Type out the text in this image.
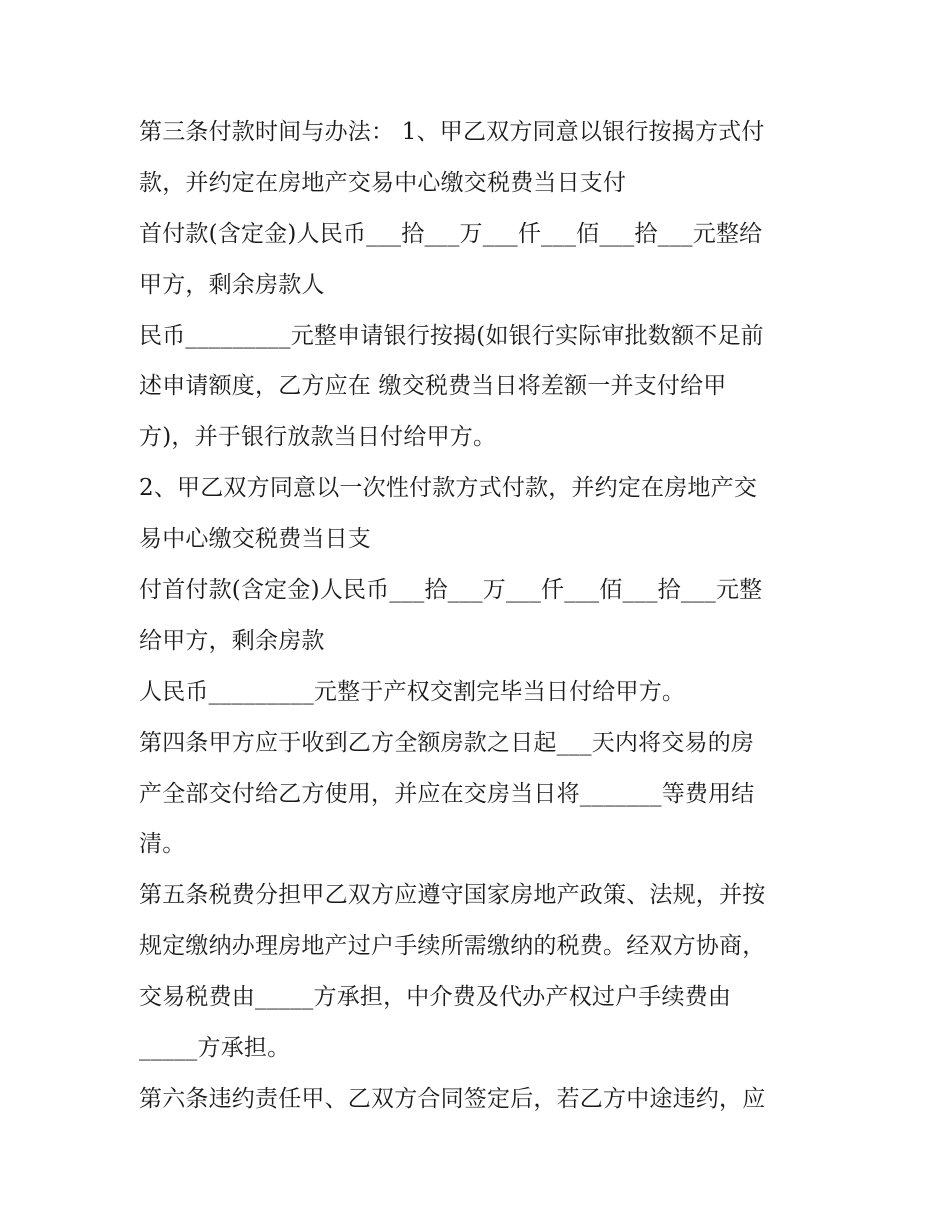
第三条付款时间与办法： 1、甲乙双方同意以银行按揭方式付
款，并约定在房地产交易中心缴交税费当日支付
首付款(含定金)人民币___拾___万___仟___佰___拾___元整给
甲方，剩余房款人
民币_________元整申请银行按揭(如银行实际审批数额不足前
述申请额度，乙方应在 缴交税费当日将差额一并支付给甲
方)，并于银行放款当日付给甲方。
2、甲乙双方同意以一次性付款方式付款，并约定在房地产交
易中心缴交税费当日支
付首付款(含定金)人民币___拾___万___仟___佰___拾___元整
给甲方，剩余房款
人民币_________元整于产权交割完毕当日付给甲方。
第四条甲方应于收到乙方全额房款之日起___天内将交易的房
产全部交付给乙方使用，并应在交房当日将_______等费用结
清。
第五条税费分担甲乙双方应遵守国家房地产政策、法规，并按
规定缴纳办理房地产过户手续所需缴纳的税费。经双方协商，
交易税费由_____方承担，中介费及代办产权过户手续费由
_____方承担。
第六条违约责任甲、乙双方合同签定后，若乙方中途违约，应
